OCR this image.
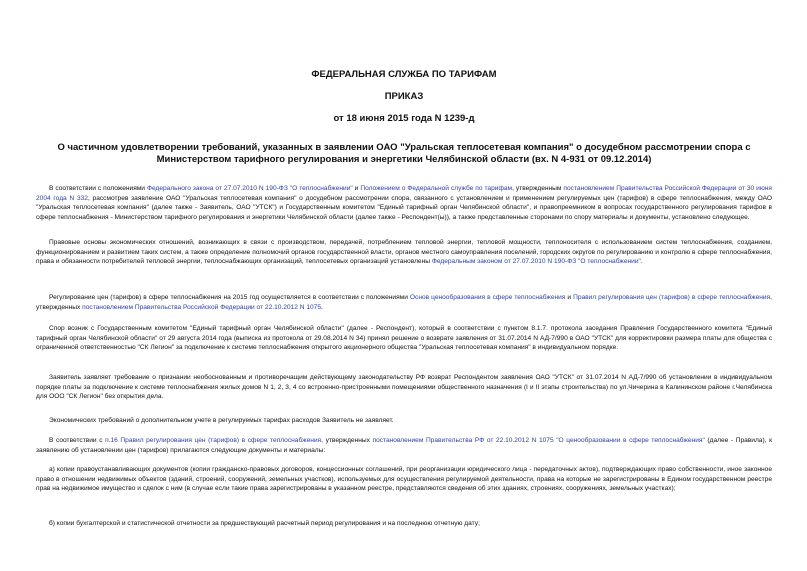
ФЕДЕРАЛЬНАЯ СЛУЖБА ПО ТАРИФАМ
ПРИКАЗ
от 18 июня 2015 года N 1239-д
О частичном удовлетворении требований, указанных в заявлении ОАО "Уральская теплосетевая компания" о досудебном рассмотрении спора с Министерством тарифного регулирования и энергетики Челябинской области (вх. N 4-931 от 09.12.2014)
В соответствии с положениями Федерального закона от 27.07.2010 N 190-ФЗ "О теплоснабжении" и Положением о Федеральной службе по тарифам, утвержденным постановлением Правительства Российской Федерации от 30 июня 2004 года N 332, рассмотрев заявление ОАО "Уральская теплосетевая компания" о досудебном рассмотрении спора, связанного с установлением и применением регулируемых цен (тарифов) в сфере теплоснабжения, между ОАО "Уральская теплосетевая компания" (далее также - Заявитель, ОАО "УТСК") и Государственным комитетом "Единый тарифный орган Челябинской области", и правопреемником в вопросах государственного регулирования тарифов в сфере теплоснабжения - Министерством тарифного регулирования и энергетики Челябинской области (далее также - Респондент(ы)), а также представленные сторонами по спору материалы и документы, установлено следующее.
Правовые основы экономических отношений, возникающих в связи с производством, передачей, потреблением тепловой энергии, тепловой мощности, теплоносителя с использованием систем теплоснабжения, созданием, функционированием и развитием таких систем, а также определение полномочий органов государственной власти, органов местного самоуправления поселений, городских округов по регулированию и контролю в сфере теплоснабжения, права и обязанности потребителей тепловой энергии, теплоснабжающих организаций, теплосетевых организаций установлены Федеральным законом от 27.07.2010 N 190-ФЗ "О теплоснабжении".
Регулирование цен (тарифов) в сфере теплоснабжения на 2015 год осуществляется в соответствии с положениями Основ ценообразования в сфере теплоснабжения и Правил регулирования цен (тарифов) в сфере теплоснабжения, утвержденных постановлением Правительства Российской Федерации от 22.10.2012 N 1075.
Спор возник с Государственным комитетом "Единый тарифный орган Челябинской области" (далее - Респондент), который в соответствии с пунктом 8.1.7. протокола заседания Правления Государственного комитета "Единый тарифный орган Челябинской области" от 29 августа 2014 года (выписка из протокола от 29.08.2014 N 34) принял решение о возврате заявления от 31.07.2014 N АД-7/990 в ОАО "УТСК" для корректировки размера платы для общества с ограниченной ответственностью "СК Легион" за подключение к системе теплоснабжения открытого акционерного общества "Уральская теплосетевая компания" в индивидуальном порядке.
Заявитель заявляет требование о признании необоснованным и противоречащим действующему законодательству РФ возврат Респондентом заявления ОАО "УТСК" от 31.07.2014 N АД-7/990 об установлении в индивидуальном порядке платы за подключение к системе теплоснабжения жилых домов N 1, 2, 3, 4 со встроенно-пристроенными помещениями общественного назначения (I и II этапы строительства) по ул.Чичерина в Калининском районе г.Челябинска для ООО "СК Легион" без открытия дела.
Экономических требований о дополнительном учете в регулируемых тарифах расходов Заявитель не заявляет.
В соответствии с п.16 Правил регулирования цен (тарифов) в сфере теплоснабжения, утвержденных постановлением Правительства РФ от 22.10.2012 N 1075 "О ценообразовании в сфере теплоснабжения" (далее - Правила), к заявлению об установлении цен (тарифов) прилагаются следующие документы и материалы:
а) копии правоустанавливающих документов (копии гражданско-правовых договоров, концессионных соглашений, при реорганизации юридического лица - передаточных актов), подтверждающих право собственности, иное законное право в отношении недвижимых объектов (зданий, строений, сооружений, земельных участков), используемых для осуществления регулируемой деятельности, права на которые не зарегистрированы в Едином государственном реестре прав на недвижимое имущество и сделок с ним (в случае если такие права зарегистрированы в указанном реестре, представляются сведения об этих зданиях, строениях, сооружениях, земельных участках);
б) копии бухгалтерской и статистической отчетности за предшествующий расчетный период регулирования и на последнюю отчетную дату;
